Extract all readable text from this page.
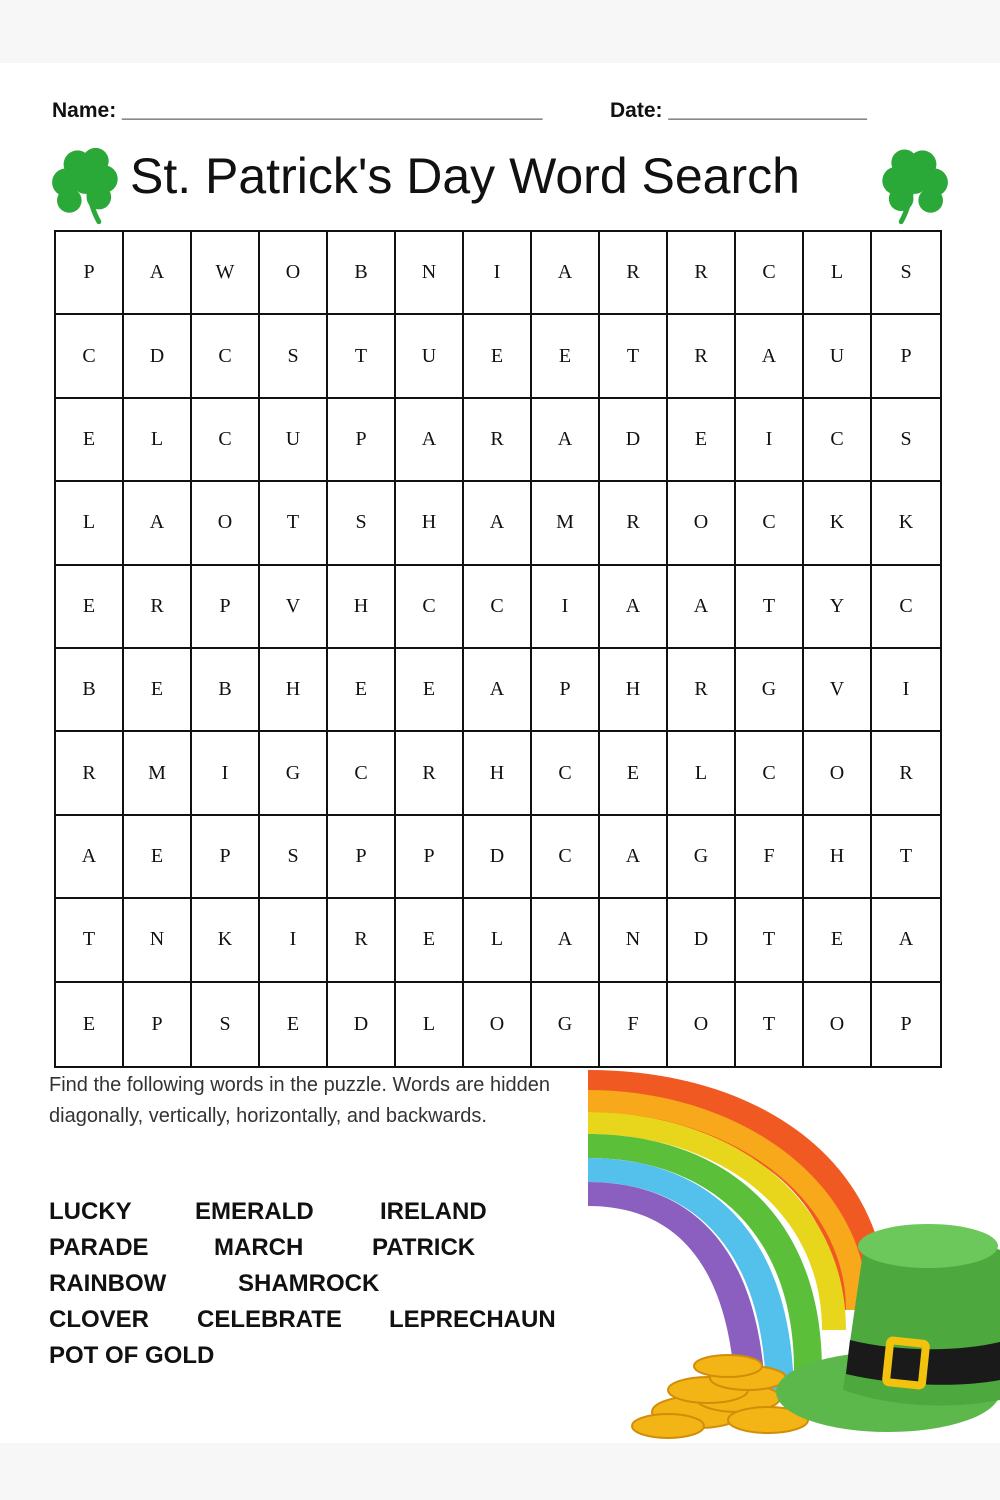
Name: ____________________________________	Date: _________________
St. Patrick's Day Word Search
P	A	W	O	B	N	I	A	R	R	C	L	S
C	D	C	S	T	U	E	E	T	R	A	U	P
E	L	C	U	P	A	R	A	D	E	I	C	S
L	A	O	T	S	H	A	M	R	O	C	K	K
E	R	P	V	H	C	C	I	A	A	T	Y	C
B	E	B	H	E	E	A	P	H	R	G	V	I
R	M	I	G	C	R	H	C	E	L	C	O	R
A	E	P	S	P	P	D	C	A	G	F	H	T
T	N	K	I	R	E	L	A	N	D	T	E	A
E	P	S	E	D	L	O	G	F	O	T	O	P
Find the following words in the puzzle. Words are hidden diagonally, vertically, horizontally, and backwards.
LUCKY	EMERALD	IRELAND
PARADE	MARCH	PATRICK
RAINBOW	SHAMROCK
CLOVER CELEBRATE LEPRECHAUN
POT OF GOLD
